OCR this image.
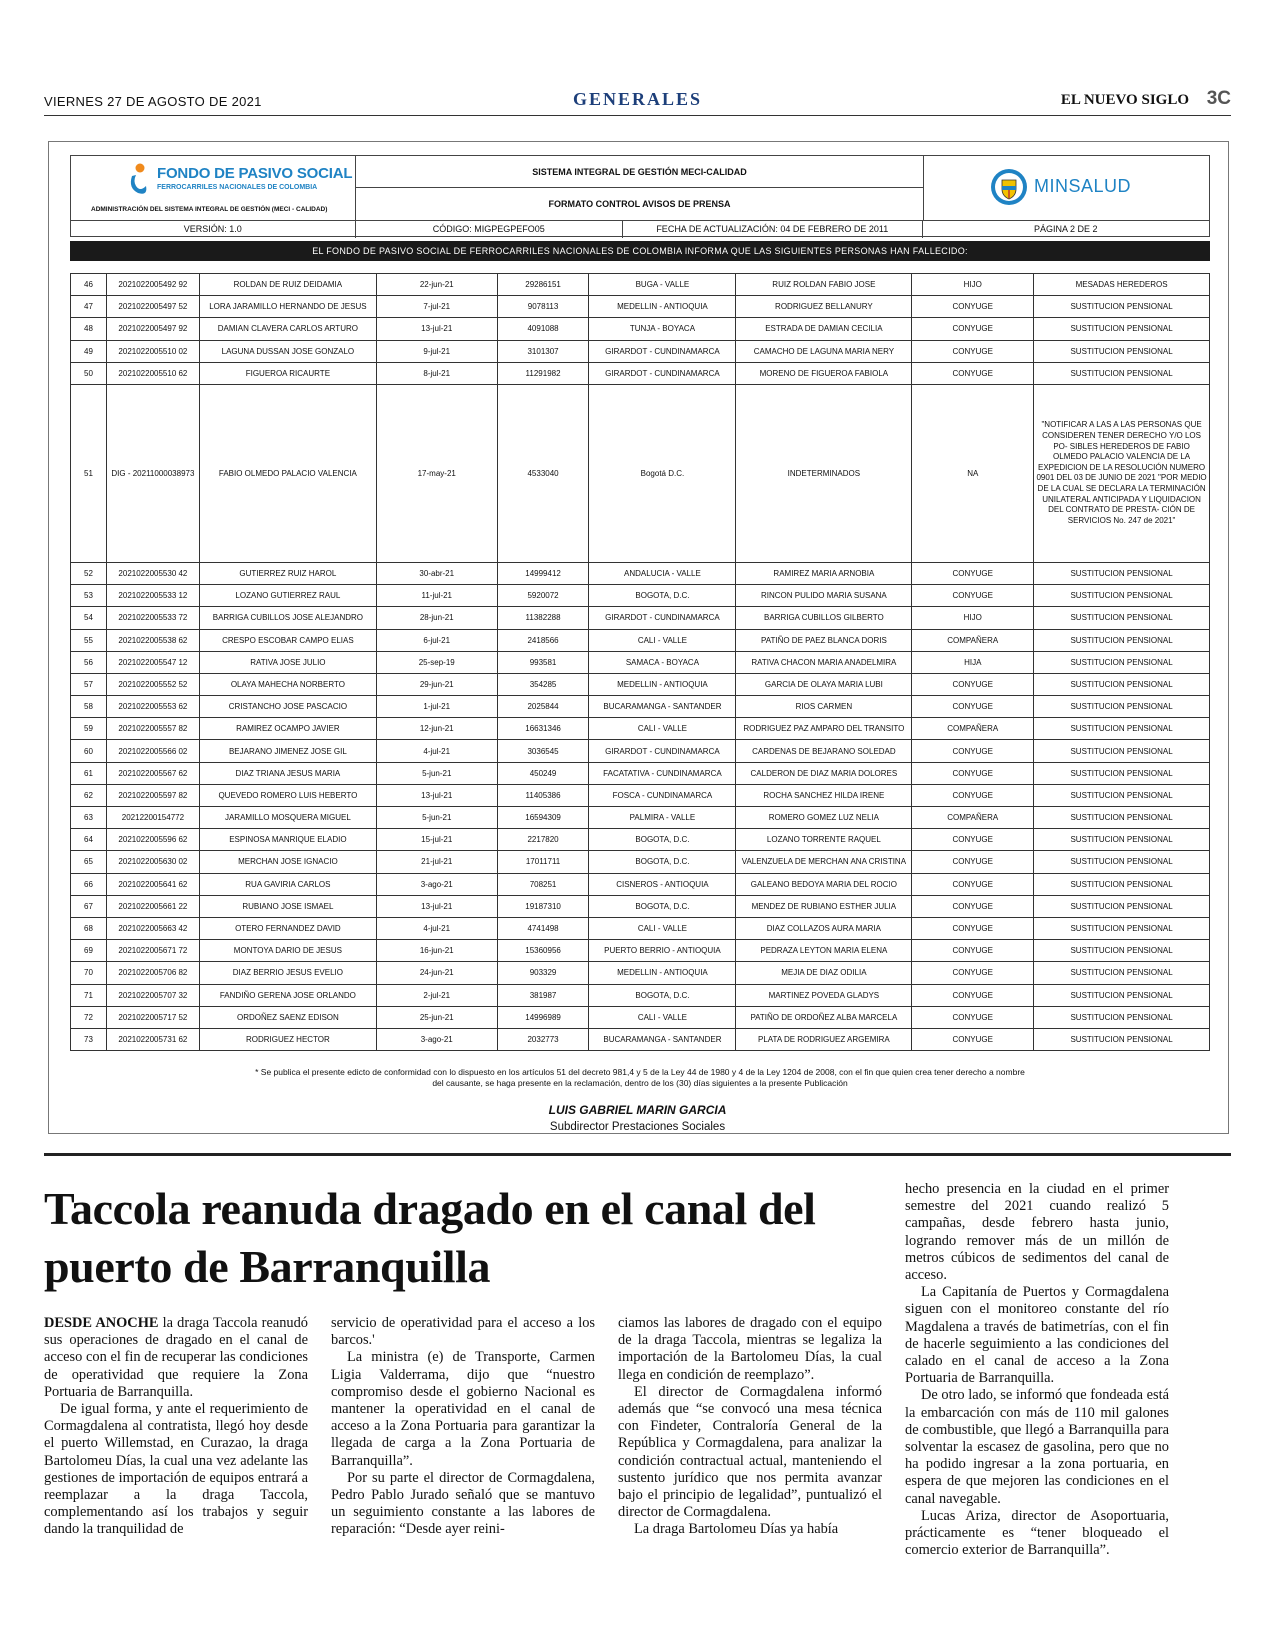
VIERNES 27 DE AGOSTO DE 2021	GENERALES	EL NUEVO SIGLO 3C
FONDO DE PASIVO SOCIAL
FERROCARRILES NACIONALES DE COLOMBIA
ADMINISTRACIÓN DEL SISTEMA INTEGRAL DE GESTIÓN (MECI - CALIDAD)
SISTEMA INTEGRAL DE GESTIÓN MECI-CALIDAD
FORMATO CONTROL AVISOS DE PRENSA
MINSALUD
VERSIÓN: 1.0	CÓDIGO: MIGPEGPEFO05	FECHA DE ACTUALIZACIÓN: 04 DE FEBRERO DE 2011	PÁGINA 2 DE 2
EL FONDO DE PASIVO SOCIAL DE FERROCARRILES NACIONALES DE COLOMBIA INFORMA QUE LAS SIGUIENTES PERSONAS HAN FALLECIDO:
46	2021022005492 92	ROLDAN DE RUIZ DEIDAMIA	22-jun-21	29286151	BUGA - VALLE	RUIZ ROLDAN FABIO JOSE	HIJO	MESADAS HEREDEROS
47	2021022005497 52	LORA JARAMILLO HERNANDO DE JESUS	7-jul-21	9078113	MEDELLIN - ANTIOQUIA	RODRIGUEZ BELLANURY	CONYUGE	SUSTITUCION PENSIONAL
48	2021022005497 92	DAMIAN CLAVERA CARLOS ARTURO	13-jul-21	4091088	TUNJA - BOYACA	ESTRADA DE DAMIAN CECILIA	CONYUGE	SUSTITUCION PENSIONAL
49	2021022005510 02	LAGUNA DUSSAN JOSE GONZALO	9-jul-21	3101307	GIRARDOT - CUNDINAMARCA	CAMACHO DE LAGUNA MARIA NERY	CONYUGE	SUSTITUCION PENSIONAL
50	2021022005510 62	FIGUEROA RICAURTE	8-jul-21	11291982	GIRARDOT - CUNDINAMARCA	MORENO DE FIGUEROA FABIOLA	CONYUGE	SUSTITUCION PENSIONAL
51	DIG - 20211000038973	FABIO OLMEDO PALACIO VALENCIA	17-may-21	4533040	Bogotá D.C.	INDETERMINADOS	NA	"NOTIFICAR A LAS A LAS PERSONAS QUE CONSIDEREN TENER DERECHO Y/O LOS PO- SIBLES HEREDEROS DE FABIO OLMEDO PALACIO VALENCIA DE LA EXPEDICION DE LA RESOLUCIÓN NUMERO 0901 DEL 03 DE JUNIO DE 2021 "POR MEDIO DE LA CUAL SE DECLARA LA TERMINACIÓN UNILATERAL ANTICIPADA Y LIQUIDACION DEL CONTRATO DE PRESTA- CIÓN DE SERVICIOS No. 247 de 2021"
52	2021022005530 42	GUTIERREZ RUIZ HAROL	30-abr-21	14999412	ANDALUCIA - VALLE	RAMIREZ MARIA ARNOBIA	CONYUGE	SUSTITUCION PENSIONAL
53	2021022005533 12	LOZANO GUTIERREZ RAUL	11-jul-21	5920072	BOGOTA, D.C.	RINCON PULIDO MARIA SUSANA	CONYUGE	SUSTITUCION PENSIONAL
54	2021022005533 72	BARRIGA CUBILLOS JOSE ALEJANDRO	28-jun-21	11382288	GIRARDOT - CUNDINAMARCA	BARRIGA CUBILLOS GILBERTO	HIJO	SUSTITUCION PENSIONAL
55	2021022005538 62	CRESPO ESCOBAR CAMPO ELIAS	6-jul-21	2418566	CALI - VALLE	PATIÑO DE PAEZ BLANCA DORIS	COMPAÑERA	SUSTITUCION PENSIONAL
56	2021022005547 12	RATIVA JOSE JULIO	25-sep-19	993581	SAMACA - BOYACA	RATIVA CHACON MARIA ANADELMIRA	HIJA	SUSTITUCION PENSIONAL
57	2021022005552 52	OLAYA MAHECHA NORBERTO	29-jun-21	354285	MEDELLIN - ANTIOQUIA	GARCIA DE OLAYA MARIA LUBI	CONYUGE	SUSTITUCION PENSIONAL
58	2021022005553 62	CRISTANCHO JOSE PASCACIO	1-jul-21	2025844	BUCARAMANGA - SANTANDER	RIOS CARMEN	CONYUGE	SUSTITUCION PENSIONAL
59	2021022005557 82	RAMIREZ OCAMPO JAVIER	12-jun-21	16631346	CALI - VALLE	RODRIGUEZ PAZ AMPARO DEL TRANSITO	COMPAÑERA	SUSTITUCION PENSIONAL
60	2021022005566 02	BEJARANO JIMENEZ JOSE GIL	4-jul-21	3036545	GIRARDOT - CUNDINAMARCA	CARDENAS DE BEJARANO SOLEDAD	CONYUGE	SUSTITUCION PENSIONAL
61	2021022005567 62	DIAZ TRIANA JESUS MARIA	5-jun-21	450249	FACATATIVA - CUNDINAMARCA	CALDERON DE DIAZ MARIA DOLORES	CONYUGE	SUSTITUCION PENSIONAL
62	2021022005597 82	QUEVEDO ROMERO LUIS HEBERTO	13-jul-21	11405386	FOSCA - CUNDINAMARCA	ROCHA SANCHEZ HILDA IRENE	CONYUGE	SUSTITUCION PENSIONAL
63	20212200154772	JARAMILLO MOSQUERA MIGUEL	5-jun-21	16594309	PALMIRA - VALLE	ROMERO GOMEZ LUZ NELIA	COMPAÑERA	SUSTITUCION PENSIONAL
64	2021022005596 62	ESPINOSA MANRIQUE ELADIO	15-jul-21	2217820	BOGOTA, D.C.	LOZANO TORRENTE RAQUEL	CONYUGE	SUSTITUCION PENSIONAL
65	2021022005630 02	MERCHAN JOSE IGNACIO	21-jul-21	17011711	BOGOTA, D.C.	VALENZUELA DE MERCHAN ANA CRISTINA	CONYUGE	SUSTITUCION PENSIONAL
66	2021022005641 62	RUA GAVIRIA CARLOS	3-ago-21	708251	CISNEROS - ANTIOQUIA	GALEANO BEDOYA MARIA DEL ROCIO	CONYUGE	SUSTITUCION PENSIONAL
67	2021022005661 22	RUBIANO JOSE ISMAEL	13-jul-21	19187310	BOGOTA, D.C.	MENDEZ DE RUBIANO ESTHER JULIA	CONYUGE	SUSTITUCION PENSIONAL
68	2021022005663 42	OTERO FERNANDEZ DAVID	4-jul-21	4741498	CALI - VALLE	DIAZ COLLAZOS AURA MARIA	CONYUGE	SUSTITUCION PENSIONAL
69	2021022005671 72	MONTOYA DARIO DE JESUS	16-jun-21	15360956	PUERTO BERRIO - ANTIOQUIA	PEDRAZA LEYTON MARIA ELENA	CONYUGE	SUSTITUCION PENSIONAL
70	2021022005706 82	DIAZ BERRIO JESUS EVELIO	24-jun-21	903329	MEDELLIN - ANTIOQUIA	MEJIA DE DIAZ ODILIA	CONYUGE	SUSTITUCION PENSIONAL
71	2021022005707 32	FANDIÑO GERENA JOSE ORLANDO	2-jul-21	381987	BOGOTA, D.C.	MARTINEZ POVEDA GLADYS	CONYUGE	SUSTITUCION PENSIONAL
72	2021022005717 52	ORDOÑEZ SAENZ EDISON	25-jun-21	14996989	CALI - VALLE	PATIÑO DE ORDOÑEZ ALBA MARCELA	CONYUGE	SUSTITUCION PENSIONAL
73	2021022005731 62	RODRIGUEZ HECTOR	3-ago-21	2032773	BUCARAMANGA - SANTANDER	PLATA DE RODRIGUEZ ARGEMIRA	CONYUGE	SUSTITUCION PENSIONAL
* Se publica el presente edicto de conformidad con lo dispuesto en los artículos 51 del decreto 981,4 y 5 de la Ley 44 de 1980 y 4 de la Ley 1204 de 2008, con el fin que quien crea tener derecho a nombre del causante, se haga presente en la reclamación, dentro de los (30) días siguientes a la presente Publicación
LUIS GABRIEL MARIN GARCIA
Subdirector Prestaciones Sociales
Taccola reanuda dragado en el canal del puerto de Barranquilla

DESDE ANOCHE la draga Taccola reanudó sus operaciones de dragado en el canal de acceso con el fin de recuperar las condiciones de operatividad que requiere la Zona Portuaria de Barranquilla.

De igual forma, y ante el requerimiento de Cormagdalena al contratista, llegó hoy desde el puerto Willemstad, en Curazao, la draga Bartolomeu Días, la cual una vez adelante las gestiones de importación de equipos entrará a reemplazar a la draga Taccola, complementando así los trabajos y seguir dando la tranquilidad de

servicio de operatividad para el acceso a los barcos.'

La ministra (e) de Transporte, Carmen Ligia Valderrama, dijo que “nuestro compromiso desde el gobierno Nacional es mantener la operatividad en el canal de acceso a la Zona Portuaria para garantizar la llegada de carga a la Zona Portuaria de Barranquilla”.

Por su parte el director de Cormagdalena, Pedro Pablo Jurado señaló que se mantuvo un seguimiento constante a las labores de reparación: “Desde ayer reini-

ciamos las labores de dragado con el equipo de la draga Taccola, mientras se legaliza la importación de la Bartolomeu Días, la cual llega en condición de reemplazo”.

El director de Cormagdalena informó además que “se convocó una mesa técnica con Findeter, Contraloría General de la República y Cormagdalena, para analizar la condición contractual actual, manteniendo el sustento jurídico que nos permita avanzar bajo el principio de legalidad”, puntualizó el director de Cormagdalena.

La draga Bartolomeu Días ya había

hecho presencia en la ciudad en el primer semestre del 2021 cuando realizó 5 campañas, desde febrero hasta junio, logrando remover más de un millón de metros cúbicos de sedimentos del canal de acceso.

La Capitanía de Puertos y Cormagdalena siguen con el monitoreo constante del río Magdalena a través de batimetrías, con el fin de hacerle seguimiento a las condiciones del calado en el canal de acceso a la Zona Portuaria de Barranquilla.

De otro lado, se informó que fondeada está la embarcación con más de 110 mil galones de combustible, que llegó a Barranquilla para solventar la escasez de gasolina, pero que no ha podido ingresar a la zona portuaria, en espera de que mejoren las condiciones en el canal navegable.

Lucas Ariza, director de Asoportuaria, prácticamente es “tener bloqueado el comercio exterior de Barranquilla”.
